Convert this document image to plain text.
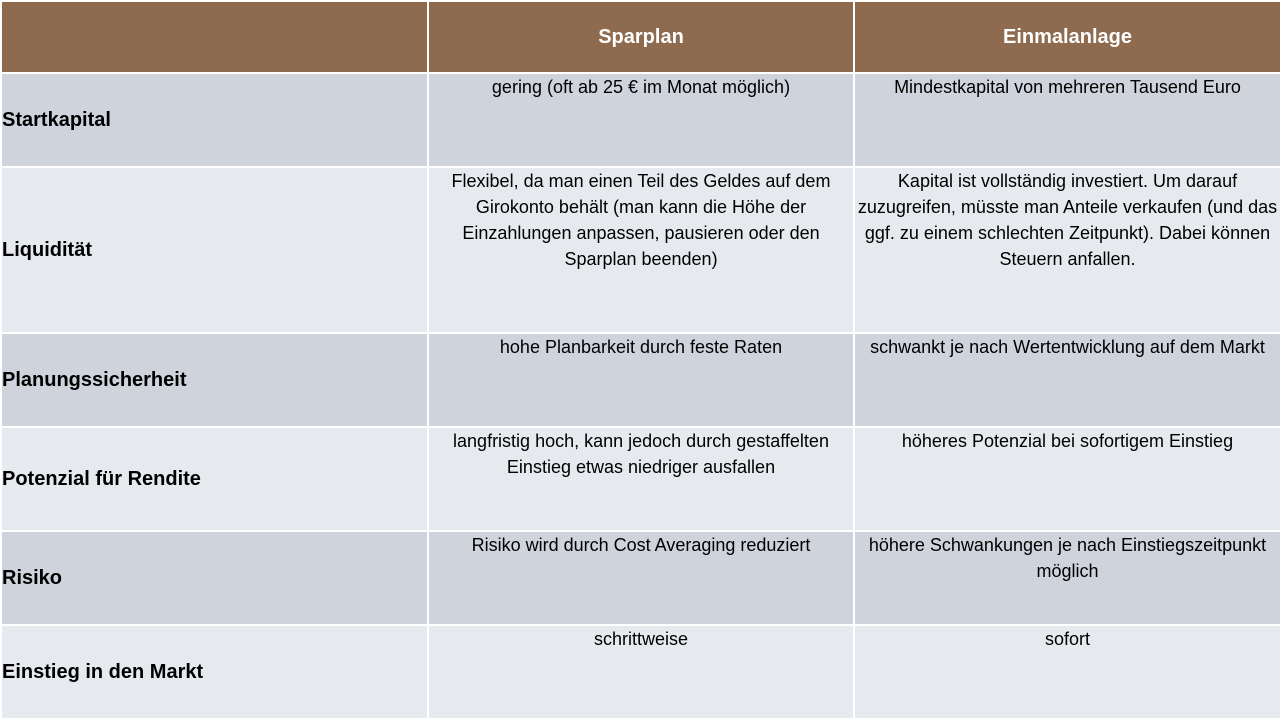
	Sparplan	Einmalanlage
Startkapital	gering (oft ab 25 € im Monat möglich)	Mindestkapital von mehreren Tausend Euro
Liquidität	Flexibel, da man einen Teil des Geldes auf dem Girokonto behält (man kann die Höhe der Einzahlungen anpassen, pausieren oder den Sparplan beenden)	Kapital ist vollständig investiert. Um darauf zuzugreifen, müsste man Anteile verkaufen (und das ggf. zu einem schlechten Zeitpunkt). Dabei können Steuern anfallen.
Planungssicherheit	hohe Planbarkeit durch feste Raten	schwankt je nach Wertentwicklung auf dem Markt
Potenzial für Rendite	langfristig hoch, kann jedoch durch gestaffelten Einstieg etwas niedriger ausfallen	höheres Potenzial bei sofortigem Einstieg
Risiko	Risiko wird durch Cost Averaging reduziert	höhere Schwankungen je nach Einstiegszeitpunkt möglich
Einstieg in den Markt	schrittweise	sofort
